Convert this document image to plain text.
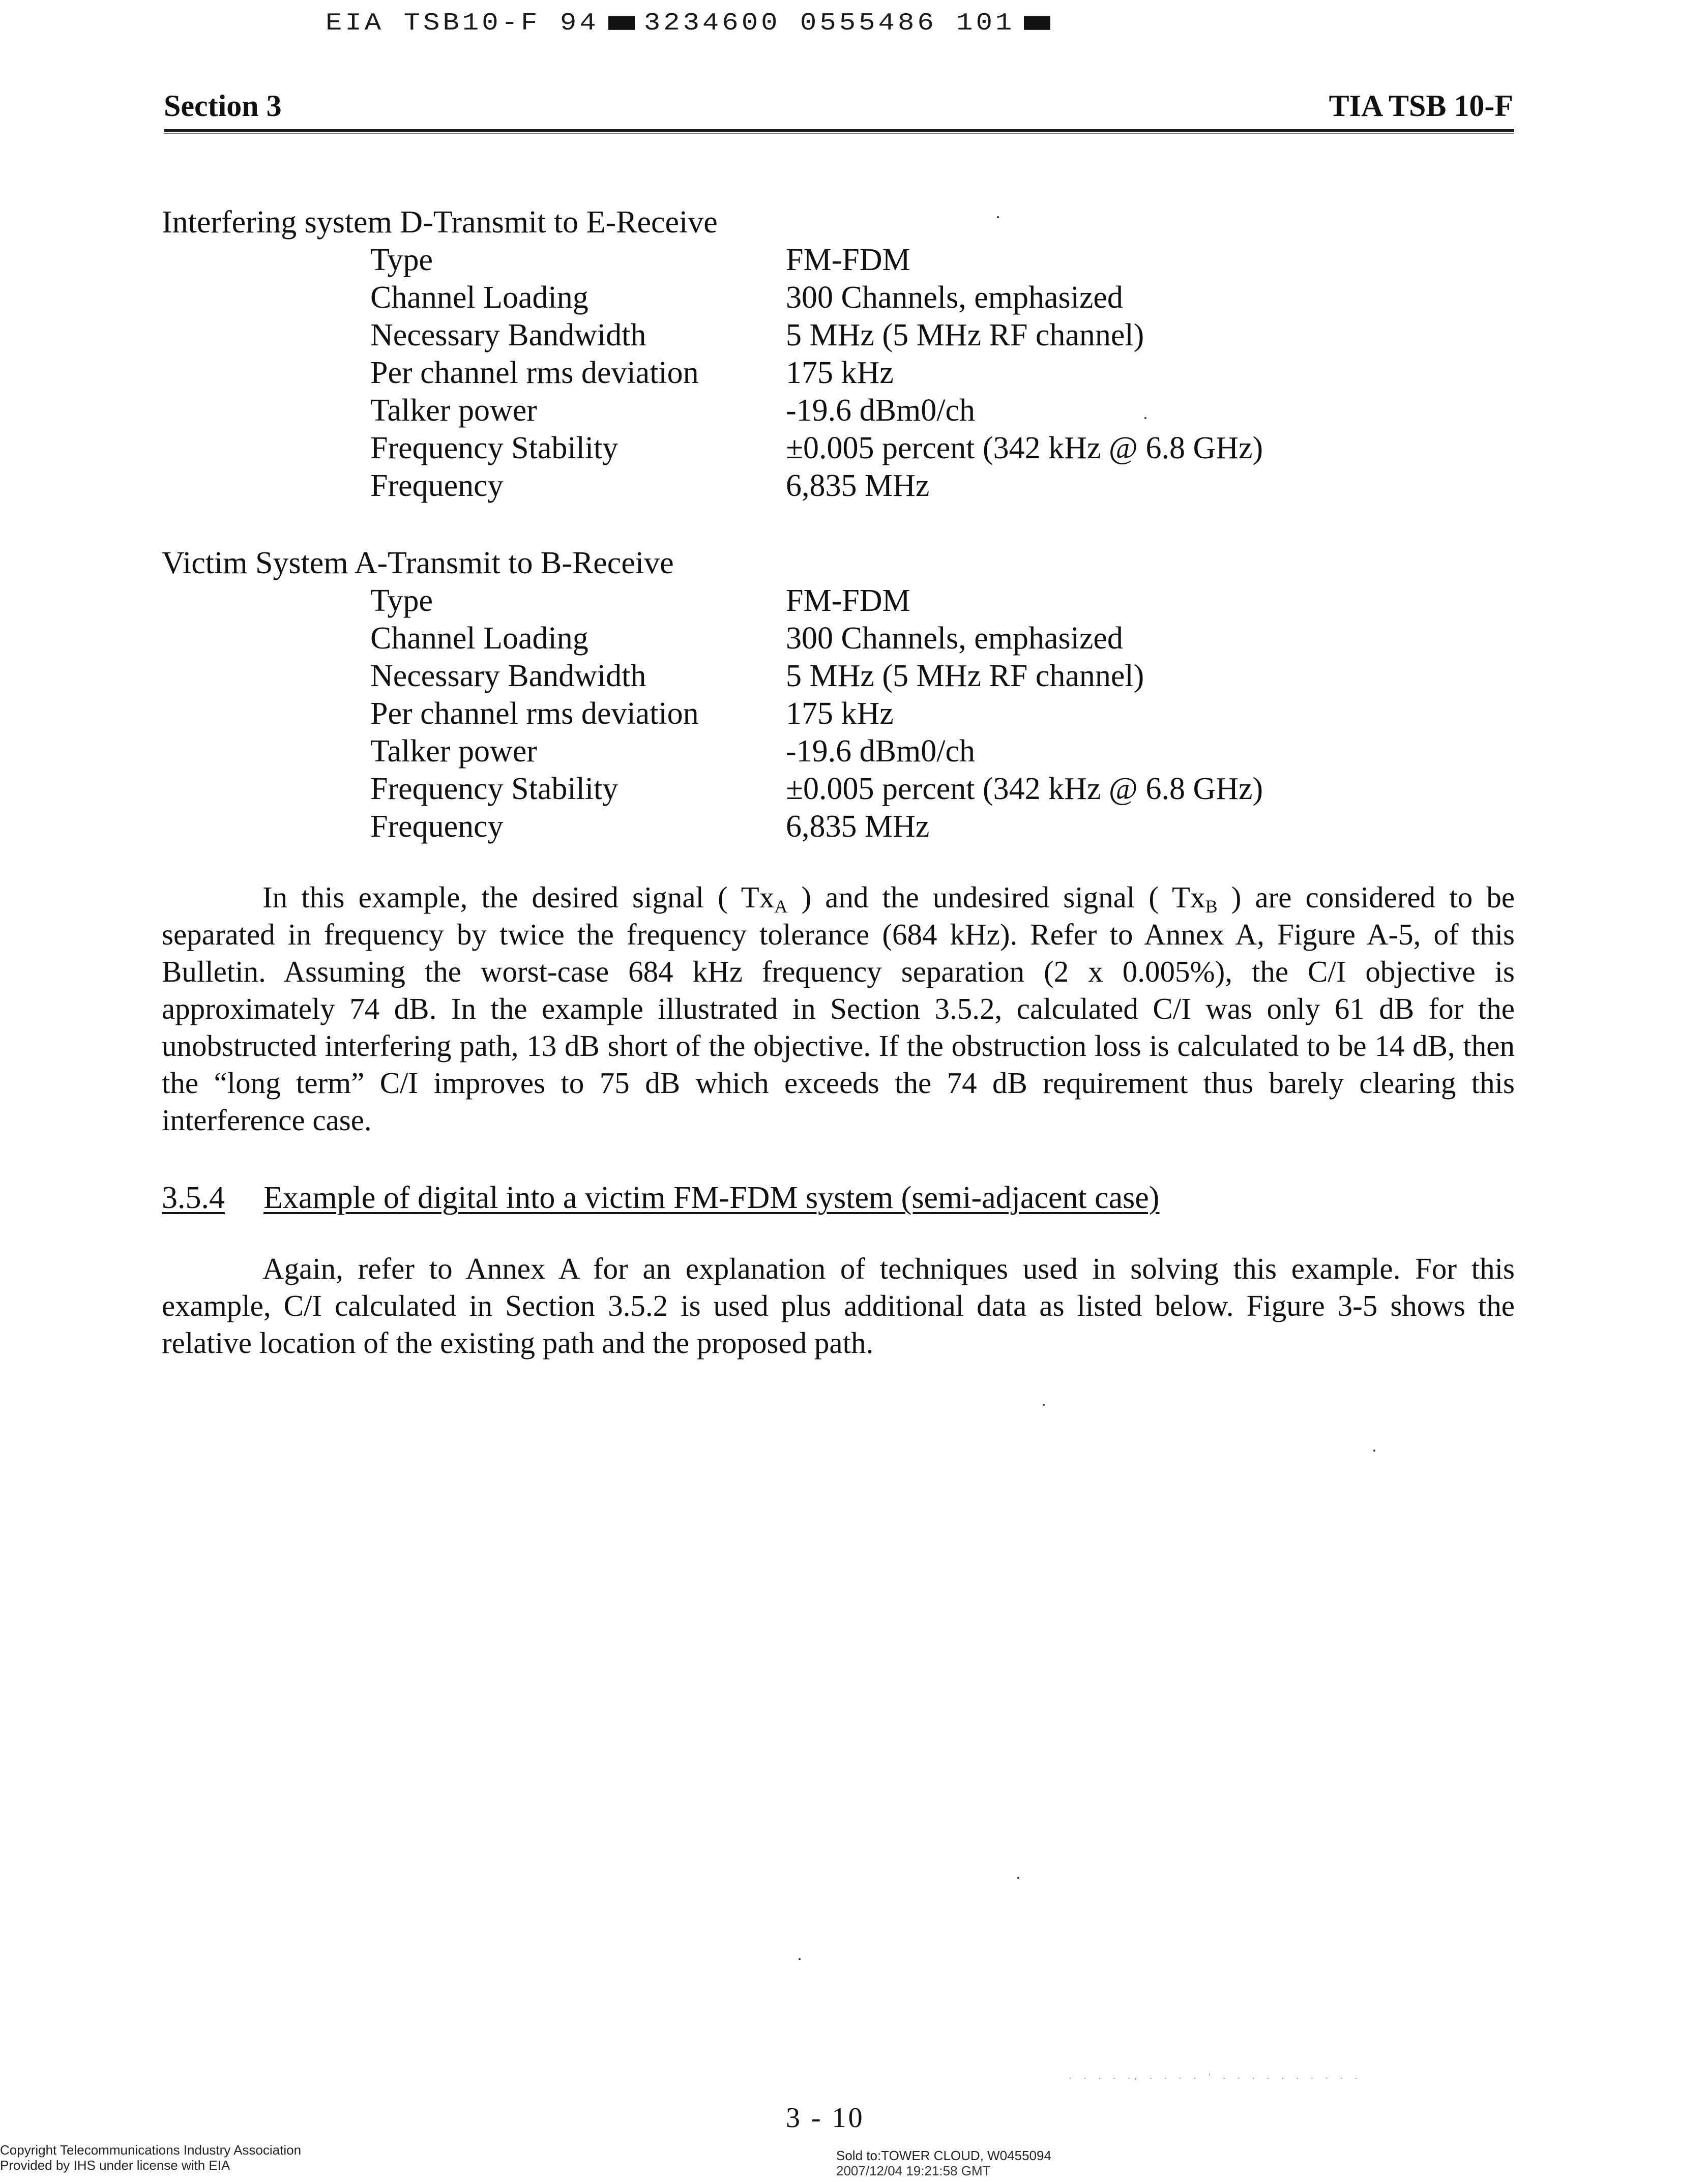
EIA TSB10-F 94 3234600 0555486 101
Section 3	TIA TSB 10-F
Interfering system D-Transmit to E-Receive
Type	FM-FDM
Channel Loading	300 Channels, emphasized
Necessary Bandwidth	5 MHz (5 MHz RF channel)
Per channel rms deviation	175 kHz
Talker power	-19.6 dBm0/ch
Frequency Stability	±0.005 percent (342 kHz @ 6.8 GHz)
Frequency	6,835 MHz
Victim System A-Transmit to B-Receive
Type	FM-FDM
Channel Loading	300 Channels, emphasized
Necessary Bandwidth	5 MHz (5 MHz RF channel)
Per channel rms deviation	175 kHz
Talker power	-19.6 dBm0/ch
Frequency Stability	±0.005 percent (342 kHz @ 6.8 GHz)
Frequency	6,835 MHz
In this example, the desired signal ( $Tx_A$ ) and the undesired signal ( $Tx_B$ ) are considered to be separated in frequency by twice the frequency tolerance (684 kHz). Refer to Annex A, Figure A-5, of this Bulletin. Assuming the worst-case 684 kHz frequency separation (2 x 0.005%), the C/I objective is approximately 74 dB. In the example illustrated in Section 3.5.2, calculated C/I was only 61 dB for the unobstructed interfering path, 13 dB short of the objective. If the obstruction loss is calculated to be 14 dB, then the “long term” C/I improves to 75 dB which exceeds the 74 dB requirement thus barely clearing this interference case.
3.5.4 Example of digital into a victim FM-FDM system (semi-adjacent case)
Again, refer to Annex A for an explanation of techniques used in solving this example. For this example, C/I calculated in Section 3.5.2 is used plus additional data as listed below. Figure 3-5 shows the relative location of the existing path and the proposed path.
. . . . ., . . . . ' . . . . . . . . . .
3 - 10
Copyright Telecommunications Industry Association
Provided by IHS under license with EIA
Sold to:TOWER CLOUD, W0455094
2007/12/04 19:21:58 GMT
